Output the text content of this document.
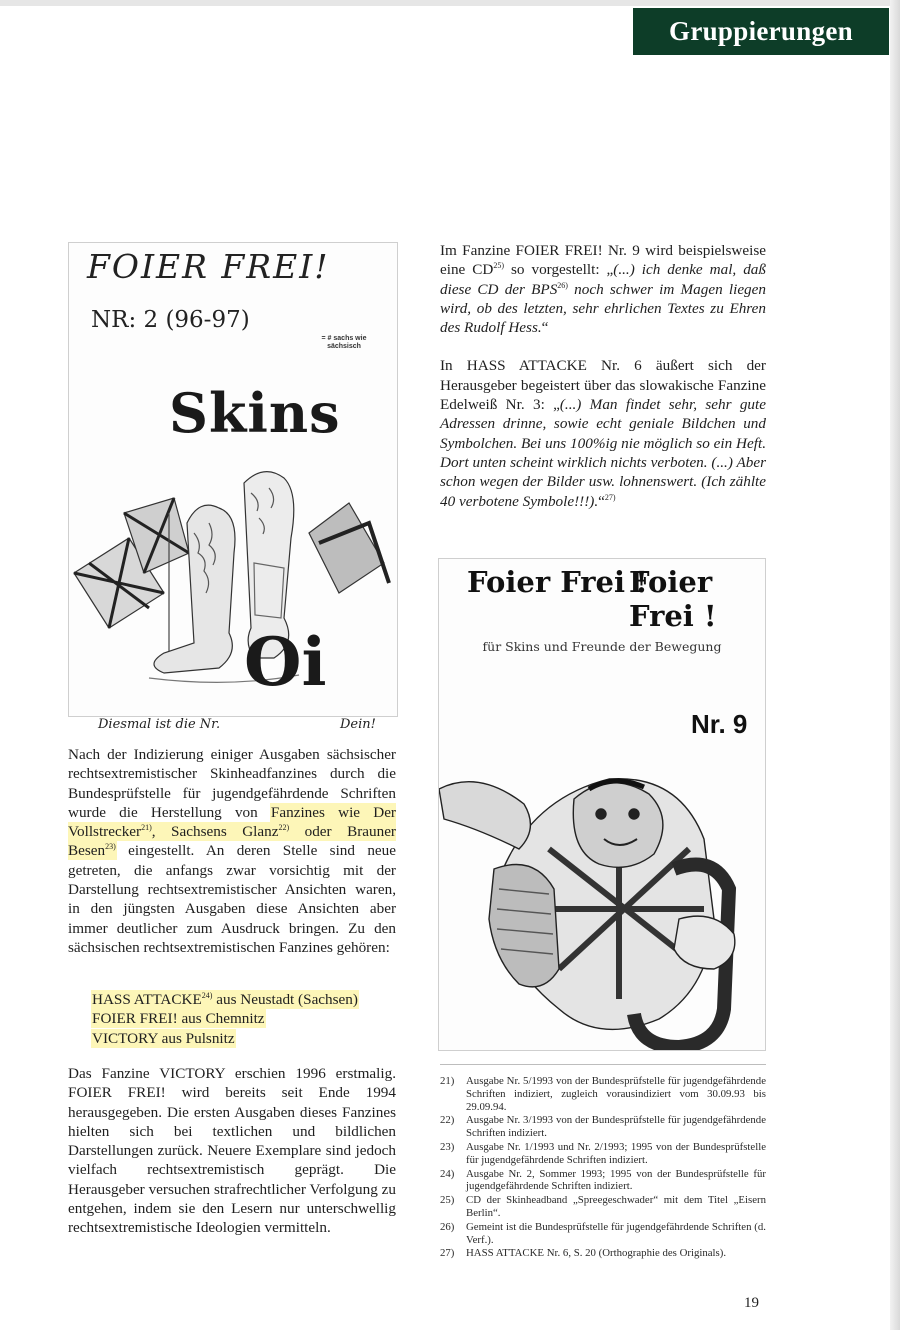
Gruppierungen

Im Fanzine FOIER FREI! Nr. 9 wird beispielsweise eine CD$^{25)}$ so vorgestellt: „(...) ich denke mal, daß diese CD der BPS$^{26)}$ noch schwer im Magen liegen wird, ob des letzten, sehr ehrlichen Textes zu Ehren des Rudolf Hess.“

In HASS ATTACKE Nr. 6 äußert sich der Herausgeber begeistert über das slowakische Fanzine Edelweiß Nr. 3: „(...) Man findet sehr, sehr gute Adressen drinne, sowie echt geniale Bildchen und Symbolchen. Bei uns 100%ig nie möglich so ein Heft. Dort unten scheint wirklich nichts verboten. (...) Aber schon wegen der Bilder usw. lohnenswert. (Ich zählte 40 verbotene Symbole!!!).“$^{27)}$

FOIER FREI!
NR: 2 (96-97)
= # sachs wie sächsisch
Skins
Oi
Diesmal ist die Nr.	Dein!

Nach der Indizierung einiger Ausgaben sächsischer rechtsextremistischer Skinheadfanzines durch die Bundesprüfstelle für jugendgefährdende Schriften wurde die Herstellung von Fanzines wie Der Vollstrecker$^{21)}$, Sachsens Glanz$^{22)}$ oder Brauner Besen$^{23)}$ eingestellt. An deren Stelle sind neue getreten, die anfangs zwar vorsichtig mit der Darstellung rechtsextremistischer Ansichten waren, in den jüngsten Ausgaben diese Ansichten aber immer deutlicher zum Ausdruck bringen. Zu den sächsischen rechtsextremistischen Fanzines gehören:

HASS ATTACKE$^{24)}$ aus Neustadt (Sachsen)
FOIER FREI! aus Chemnitz
VICTORY aus Pulsnitz

Das Fanzine VICTORY erschien 1996 erstmalig. FOIER FREI! wird bereits seit Ende 1994 herausgegeben. Die ersten Ausgaben dieses Fanzines hielten sich bei textlichen und bildlichen Darstellungen zurück. Neuere Exemplare sind jedoch vielfach rechtsextremistisch geprägt. Die Herausgeber versuchen strafrechtlicher Verfolgung zu entgehen, indem sie den Lesern nur unterschwellig rechtsextremistische Ideologien vermitteln.

Foier Frei !
Foier Frei !
für Skins und Freunde der Bewegung
Nr. 9
21) Ausgabe Nr. 5/1993 von der Bundesprüfstelle für jugendgefährdende Schriften indiziert, zugleich vorausindiziert vom 30.09.93 bis 29.09.94.
22) Ausgabe Nr. 3/1993 von der Bundesprüfstelle für jugendgefährdende Schriften indiziert.
23) Ausgabe Nr. 1/1993 und Nr. 2/1993; 1995 von der Bundesprüfstelle für jugendgefährdende Schriften indiziert.
24) Ausgabe Nr. 2, Sommer 1993; 1995 von der Bundesprüfstelle für jugendgefährdende Schriften indiziert.
25) CD der Skinheadband „Spreegeschwader“ mit dem Titel „Eisern Berlin“.
26) Gemeint ist die Bundesprüfstelle für jugendgefährdende Schriften (d. Verf.).
27) HASS ATTACKE Nr. 6, S. 20 (Orthographie des Originals).
19
